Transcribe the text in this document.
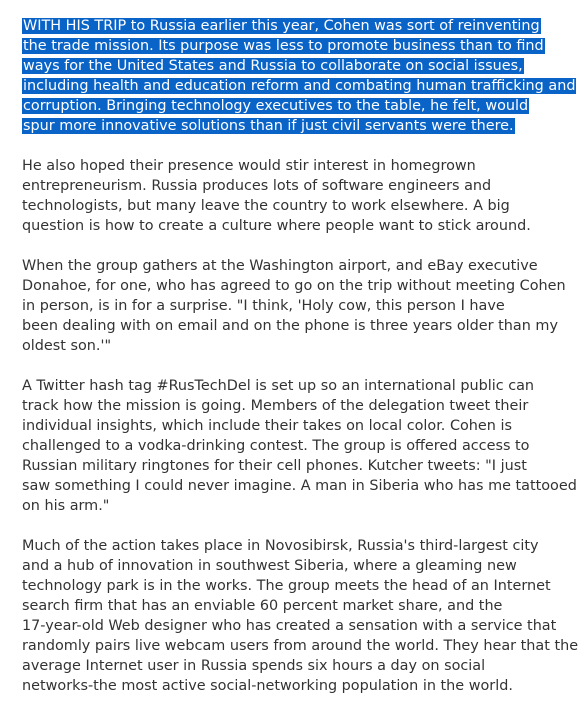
WITH HIS TRIP to Russia earlier this year, Cohen was sort of reinventing
the trade mission. Its purpose was less to promote business than to find
ways for the United States and Russia to collaborate on social issues,
including health and education reform and combating human trafficking and
corruption. Bringing technology executives to the table, he felt, would
spur more innovative solutions than if just civil servants were there.
He also hoped their presence would stir interest in homegrown
entrepreneurism. Russia produces lots of software engineers and
technologists, but many leave the country to work elsewhere. A big
question is how to create a culture where people want to stick around.
When the group gathers at the Washington airport, and eBay executive
Donahoe, for one, who has agreed to go on the trip without meeting Cohen
in person, is in for a surprise. "I think, 'Holy cow, this person I have
been dealing with on email and on the phone is three years older than my
oldest son.'"
A Twitter hash tag #RusTechDel is set up so an international public can
track how the mission is going. Members of the delegation tweet their
individual insights, which include their takes on local color. Cohen is
challenged to a vodka-drinking contest. The group is offered access to
Russian military ringtones for their cell phones. Kutcher tweets: "I just
saw something I could never imagine. A man in Siberia who has me tattooed
on his arm."
Much of the action takes place in Novosibirsk, Russia's third-largest city
and a hub of innovation in southwest Siberia, where a gleaming new
technology park is in the works. The group meets the head of an Internet
search firm that has an enviable 60 percent market share, and the
17-year-old Web designer who has created a sensation with a service that
randomly pairs live webcam users from around the world. They hear that the
average Internet user in Russia spends six hours a day on social
networks-the most active social-networking population in the world.
